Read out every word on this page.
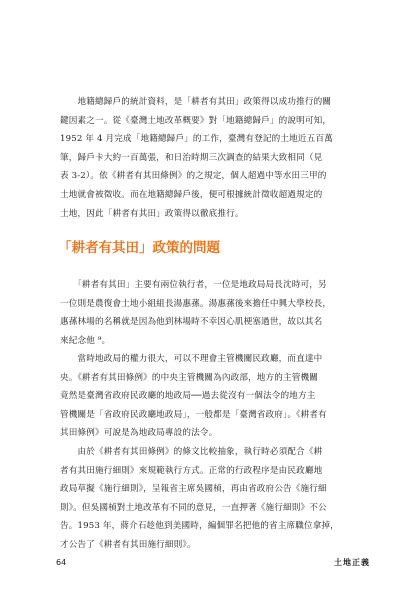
　　地籍總歸戶的統計資料，是「耕者有其田」政策得以成功推行的關
鍵因素之一。從《臺灣土地改革概要》對「地籍總歸戶」的說明可知，
1952 年 4 月完成「地籍總歸戶」的工作，臺灣有登記的土地近五百萬
筆，歸戶卡大約一百萬張，和日治時期三次調查的結果大致相同（見
表 3-2）。依《耕者有其田條例》的之規定，個人超過中等水田三甲的
土地就會被徵收。而在地籍總歸戶後，便可根據統計徵收超過規定的
土地，因此「耕者有其田」政策得以徹底推行。
「耕者有其田」政策的問題
　　「耕者有其田」主要有兩位執行者，一位是地政局局長沈時可，另
一位則是農復會土地小組組長湯惠蓀。湯惠蓀後來擔任中興大學校長，
惠蓀林場的名稱就是因為他到林場時不幸因心肌梗塞過世，故以其名
來紀念他 ⁹。
　　當時地政局的權力很大，可以不理會主管機關民政廳，而直達中
央。《耕者有其田條例》的中央主管機關為內政部，地方的主管機關
竟然是臺灣省政府民政廳的地政局──過去從沒有一個法令的地方主
管機關是「省政府民政廳地政局」，一般都是「臺灣省政府」。《耕者有
其田條例》可說是為地政局專設的法令。
　　由於《耕者有其田條例》的條文比較抽象，執行時必須配合《耕
者有其田施行細則》來規範執行方式。正常的行政程序是由民政廳地
政局草擬《施行細則》，呈報省主席吳國楨，再由省政府公告《施行細
則》。但吳國楨對土地改革有不同的意見，一直押著《施行細則》不公
告。1953 年，蔣介石趁他到美國時，編個罪名把他的省主席職位拿掉，
才公告了《耕者有其田施行細則》。
64	土地正義
